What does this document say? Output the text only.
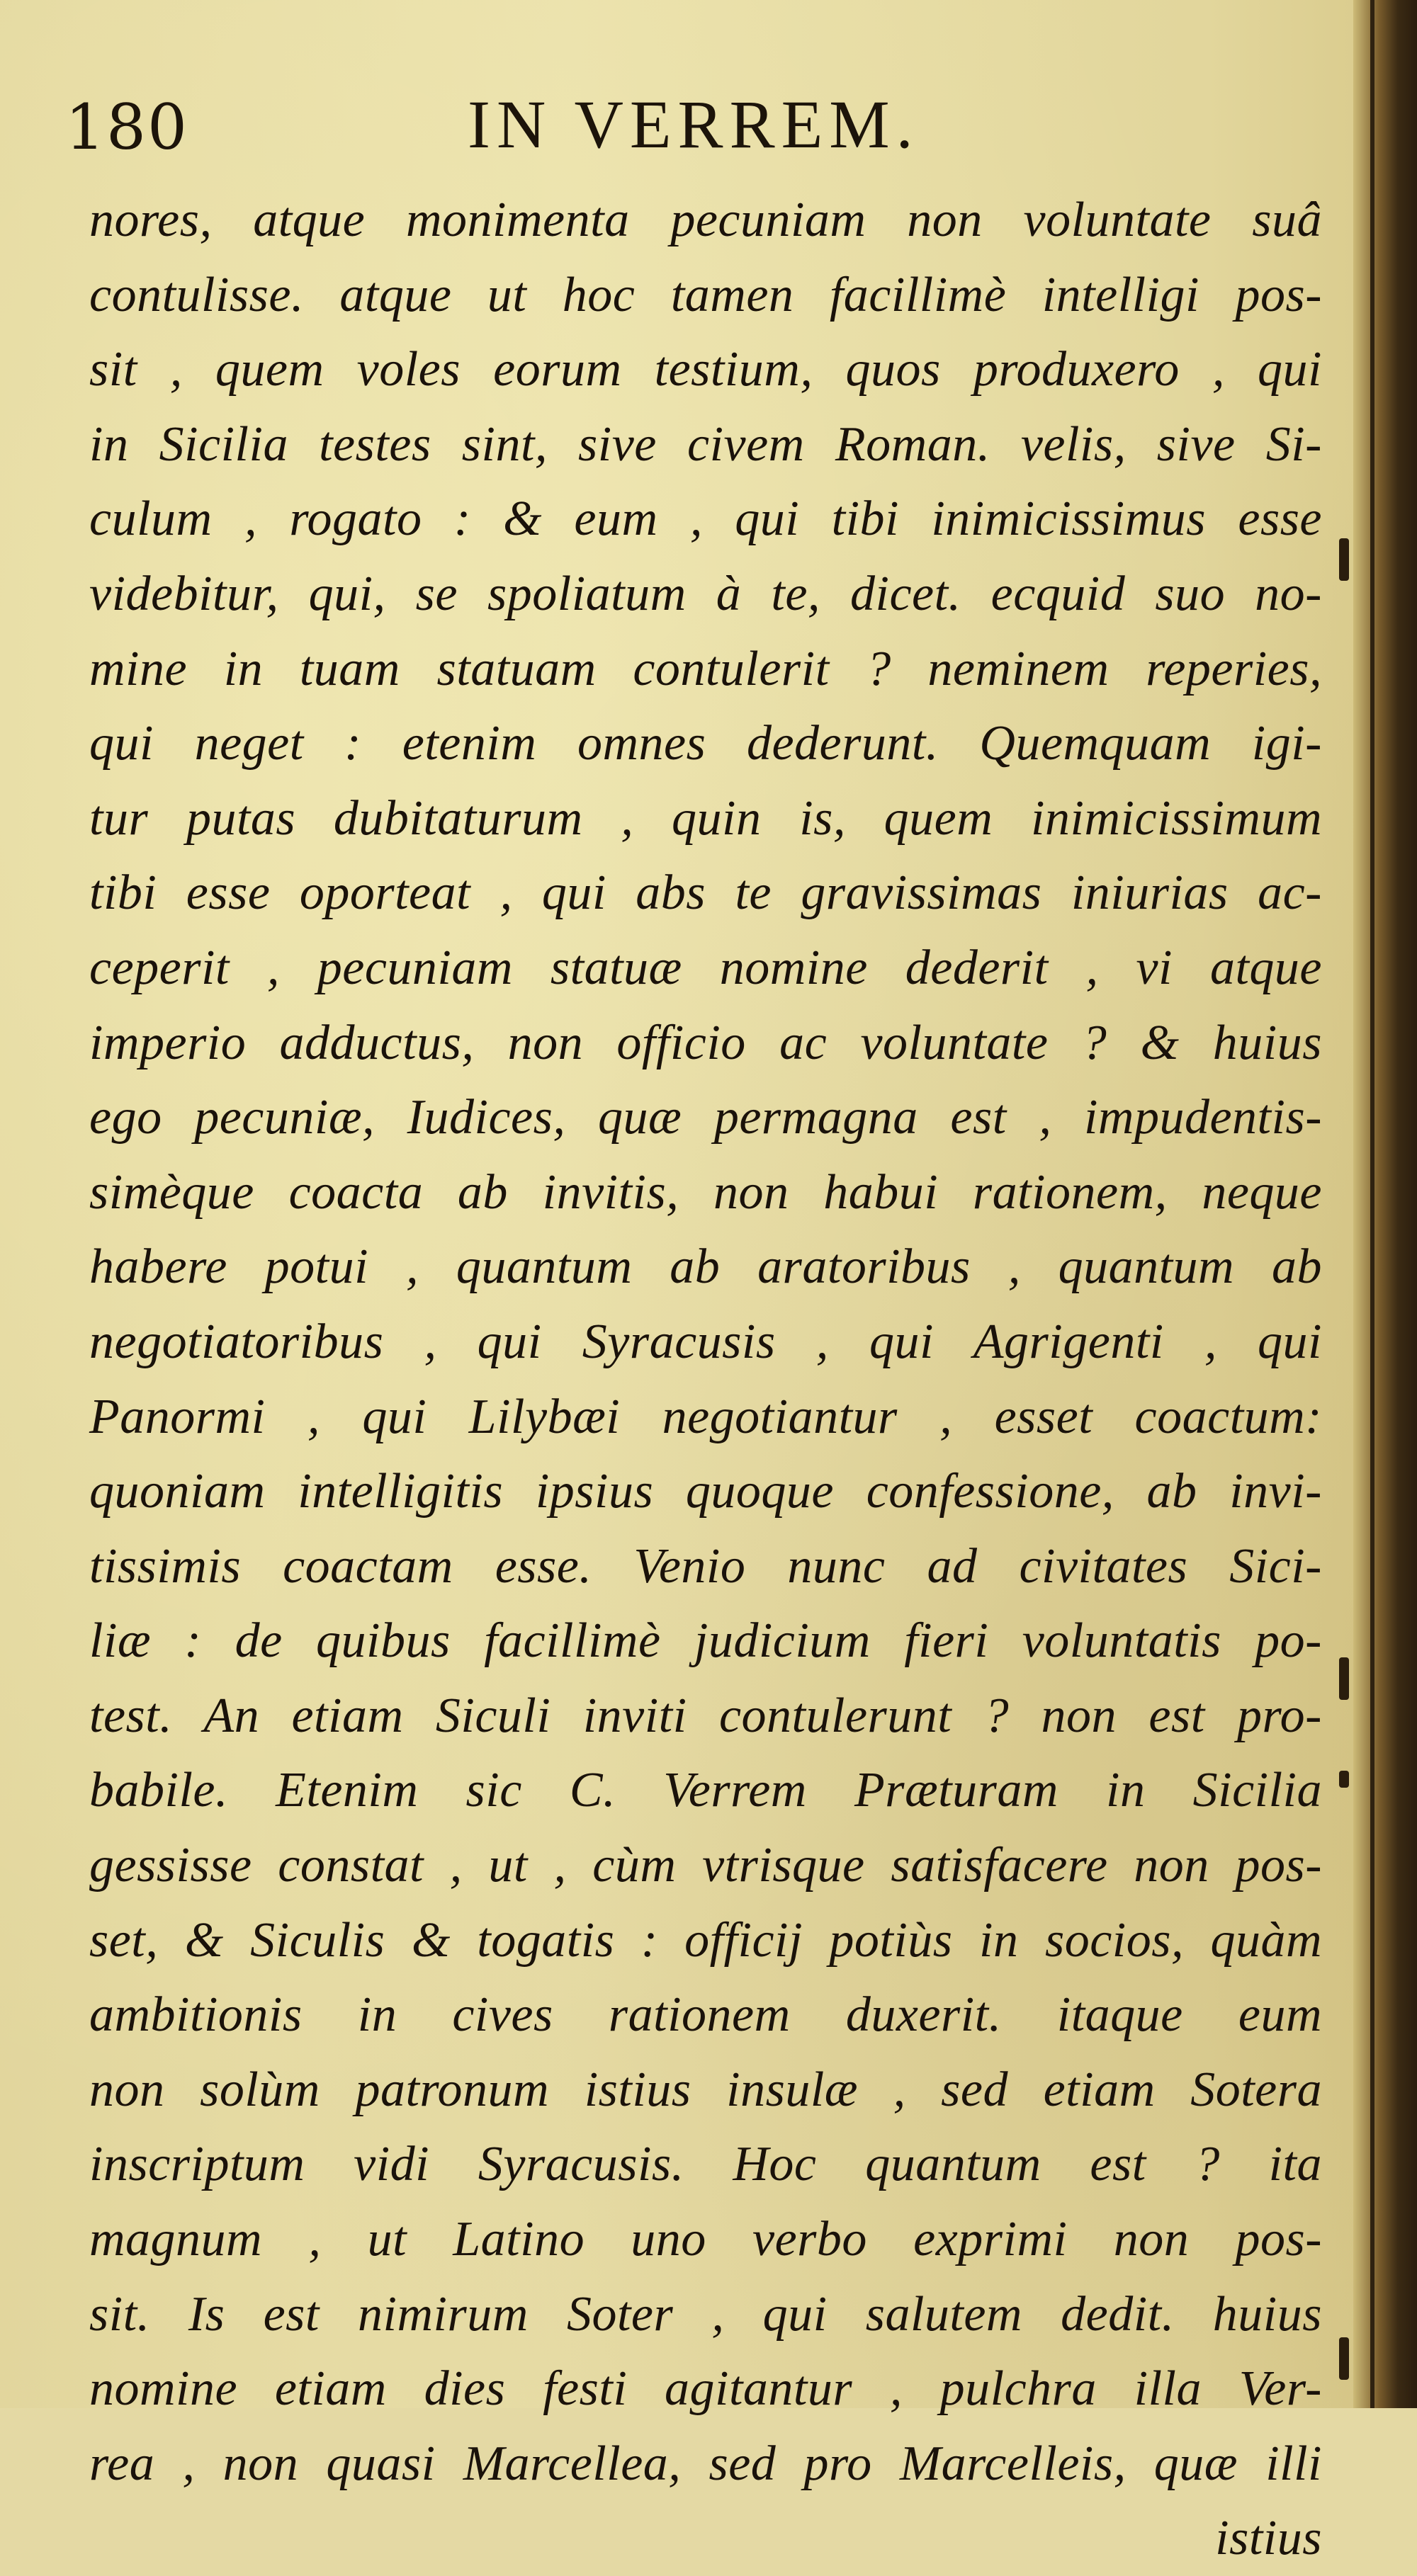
180	IN VERREM.
nores, atque monimenta pecuniam non voluntate suâ
contulisse. atque ut hoc tamen facillimè intelligi pos-
sit , quem voles eorum testium, quos produxero , qui
in Sicilia testes sint, sive civem Roman. velis, sive Si-
culum , rogato : & eum , qui tibi inimicissimus esse
videbitur, qui, se spoliatum à te, dicet. ecquid suo no-
mine in tuam statuam contulerit ? neminem reperies,
qui neget : etenim omnes dederunt. Quemquam igi-
tur putas dubitaturum , quin is, quem inimicissimum
tibi esse oporteat , qui abs te gravissimas iniurias ac-
ceperit , pecuniam statuæ nomine dederit , vi atque
imperio adductus, non officio ac voluntate ? & huius
ego pecuniæ, Iudices, quæ permagna est , impudentis-
simèque coacta ab invitis, non habui rationem, neque
habere potui , quantum ab aratoribus , quantum ab
negotiatoribus , qui Syracusis , qui Agrigenti , qui
Panormi , qui Lilybæi negotiantur , esset coactum:
quoniam intelligitis ipsius quoque confessione, ab invi-
tissimis coactam esse. Venio nunc ad civitates Sici-
liæ : de quibus facillimè judicium fieri voluntatis po-
test. An etiam Siculi inviti contulerunt ? non est pro-
babile. Etenim sic C. Verrem Præturam in Sicilia
gessisse constat , ut , cùm vtrisque satisfacere non pos-
set, & Siculis & togatis : officij potiùs in socios, quàm
ambitionis in cives rationem duxerit. itaque eum
non solùm patronum istius insulæ , sed etiam Sotera
inscriptum vidi Syracusis. Hoc quantum est ? ita
magnum , ut Latino uno verbo exprimi non pos-
sit. Is est nimirum Soter , qui salutem dedit. huius
nomine etiam dies festi agitantur , pulchra illa Ver-
rea , non quasi Marcellea, sed pro Marcelleis, quæ illi
istius
